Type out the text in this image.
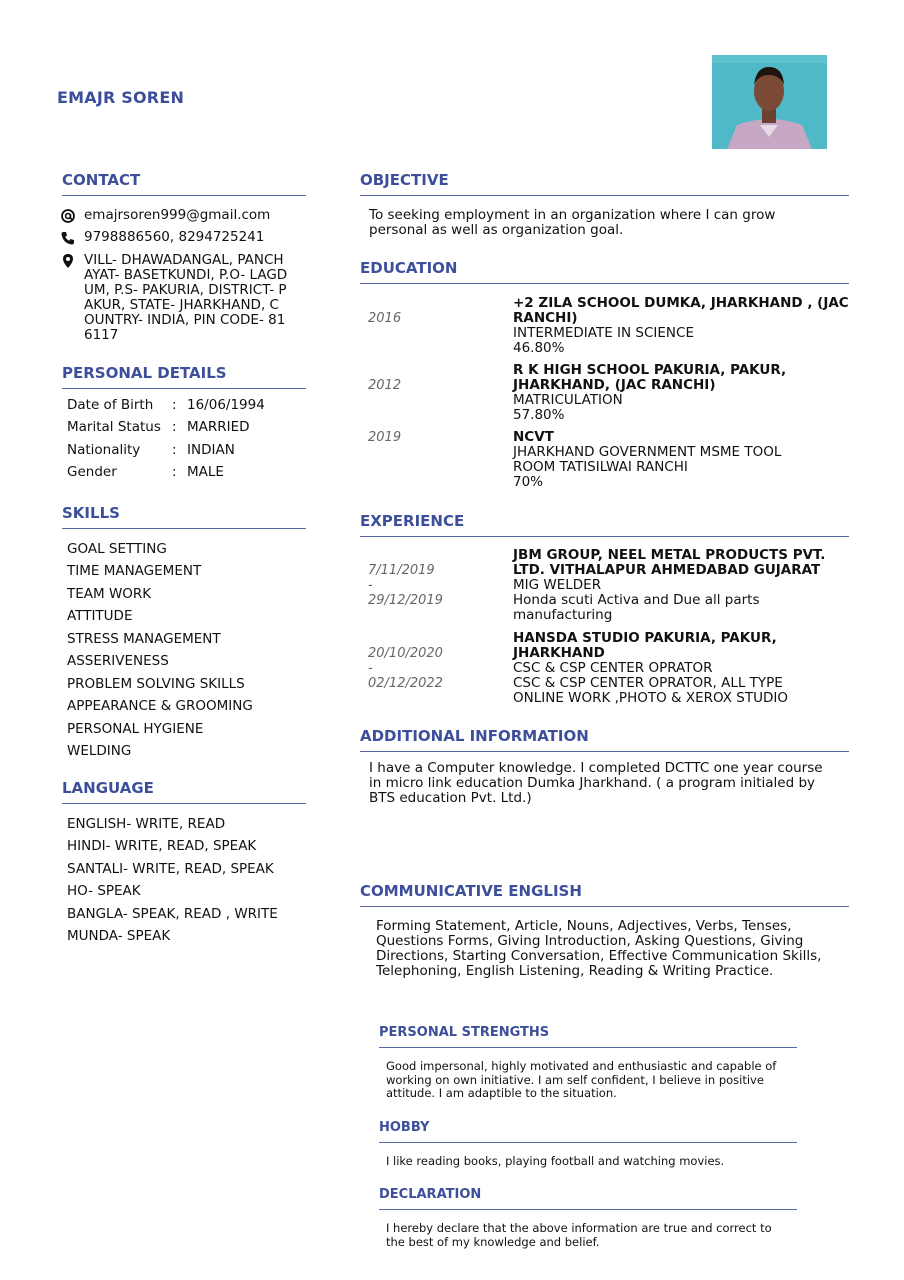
EMAJR SOREN
CONTACT
emajrsoren999@gmail.com
9798886560, 8294725241
VILL- DHAWADANGAL, PANCH
AYAT- BASETKUNDI, P.O- LAGD
UM, P.S- PAKURIA, DISTRICT- P
AKUR, STATE- JHARKHAND, C
OUNTRY- INDIA, PIN CODE- 81
6117
PERSONAL DETAILS
Date of Birth : 16/06/1994
Marital Status : MARRIED
Nationality : INDIAN
Gender	: MALE
SKILLS
GOAL SETTING
TIME MANAGEMENT
TEAM WORK
ATTITUDE
STRESS MANAGEMENT
ASSERIVENESS
PROBLEM SOLVING SKILLS
APPEARANCE & GROOMING
PERSONAL HYGIENE
WELDING
LANGUAGE
ENGLISH- WRITE, READ
HINDI- WRITE, READ, SPEAK
SANTALI- WRITE, READ, SPEAK
HO- SPEAK
BANGLA- SPEAK, READ , WRITE
MUNDA- SPEAK
OBJECTIVE
To seeking employment in an organization where I can grow
personal as well as organization goal.
EDUCATION
2016
+2 ZILA SCHOOL DUMKA, JHARKHAND , (JAC
RANCHI)
INTERMEDIATE IN SCIENCE
46.80%
2012
R K HIGH SCHOOL PAKURIA, PAKUR,
JHARKHAND, (JAC RANCHI)
MATRICULATION
57.80%
2019	NCVT
JHARKHAND GOVERNMENT MSME TOOL
ROOM TATISILWAI RANCHI
70%
EXPERIENCE
7/11/2019
-
29/12/2019
JBM GROUP, NEEL METAL PRODUCTS PVT.
LTD. VITHALAPUR AHMEDABAD GUJARAT
MIG WELDER
Honda scuti Activa and Due all parts
manufacturing
20/10/2020
-
02/12/2022
HANSDA STUDIO PAKURIA, PAKUR,
JHARKHAND
CSC & CSP CENTER OPRATOR
CSC & CSP CENTER OPRATOR, ALL TYPE
ONLINE WORK ,PHOTO & XEROX STUDIO
ADDITIONAL INFORMATION
I have a Computer knowledge. I completed DCTTC one year course
in micro link education Dumka Jharkhand. ( a program initialed by
BTS education Pvt. Ltd.)
COMMUNICATIVE ENGLISH
Forming Statement, Article, Nouns, Adjectives, Verbs, Tenses,
Questions Forms, Giving Introduction, Asking Questions, Giving
Directions, Starting Conversation, Effective Communication Skills,
Telephoning, English Listening, Reading & Writing Practice.
PERSONAL STRENGTHS
Good impersonal, highly motivated and enthusiastic and capable of
working on own initiative. I am self confident, I believe in positive
attitude. I am adaptible to the situation.
HOBBY
I like reading books, playing football and watching movies.
DECLARATION
I hereby declare that the above information are true and correct to
the best of my knowledge and belief.
